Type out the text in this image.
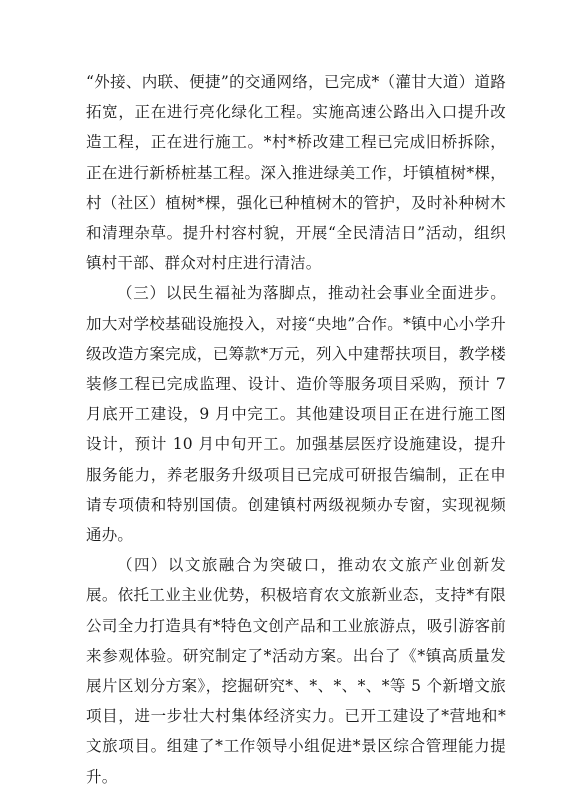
“外接、内联、便捷”的交通网络，已完成*（灌甘大道）道路拓宽，正在进行亮化绿化工程。实施高速公路出入口提升改造工程，正在进行施工。*村*桥改建工程已完成旧桥拆除，正在进行新桥桩基工程。深入推进绿美工作，圩镇植树*棵，村（社区）植树*棵，强化已种植树木的管护，及时补种树木和清理杂草。提升村容村貌，开展“全民清洁日”活动，组织镇村干部、群众对村庄进行清洁。

（三）以民生福祉为落脚点，推动社会事业全面进步。加大对学校基础设施投入，对接“央地”合作。*镇中心小学升级改造方案完成，已筹款*万元，列入中建帮扶项目，教学楼装修工程已完成监理、设计、造价等服务项目采购，预计 7 月底开工建设，9 月中完工。其他建设项目正在进行施工图设计，预计 10 月中旬开工。加强基层医疗设施建设，提升服务能力，养老服务升级项目已完成可研报告编制，正在申请专项债和特别国债。创建镇村两级视频办专窗，实现视频通办。

（四）以文旅融合为突破口，推动农文旅产业创新发展。依托工业主业优势，积极培育农文旅新业态，支持*有限公司全力打造具有*特色文创产品和工业旅游点，吸引游客前来参观体验。研究制定了*活动方案。出台了《*镇高质量发展片区划分方案》，挖掘研究*、*、*、*、*等 5 个新增文旅项目，进一步壮大村集体经济实力。已开工建设了*营地和*文旅项目。组建了*工作领导小组促进*景区综合管理能力提升。
